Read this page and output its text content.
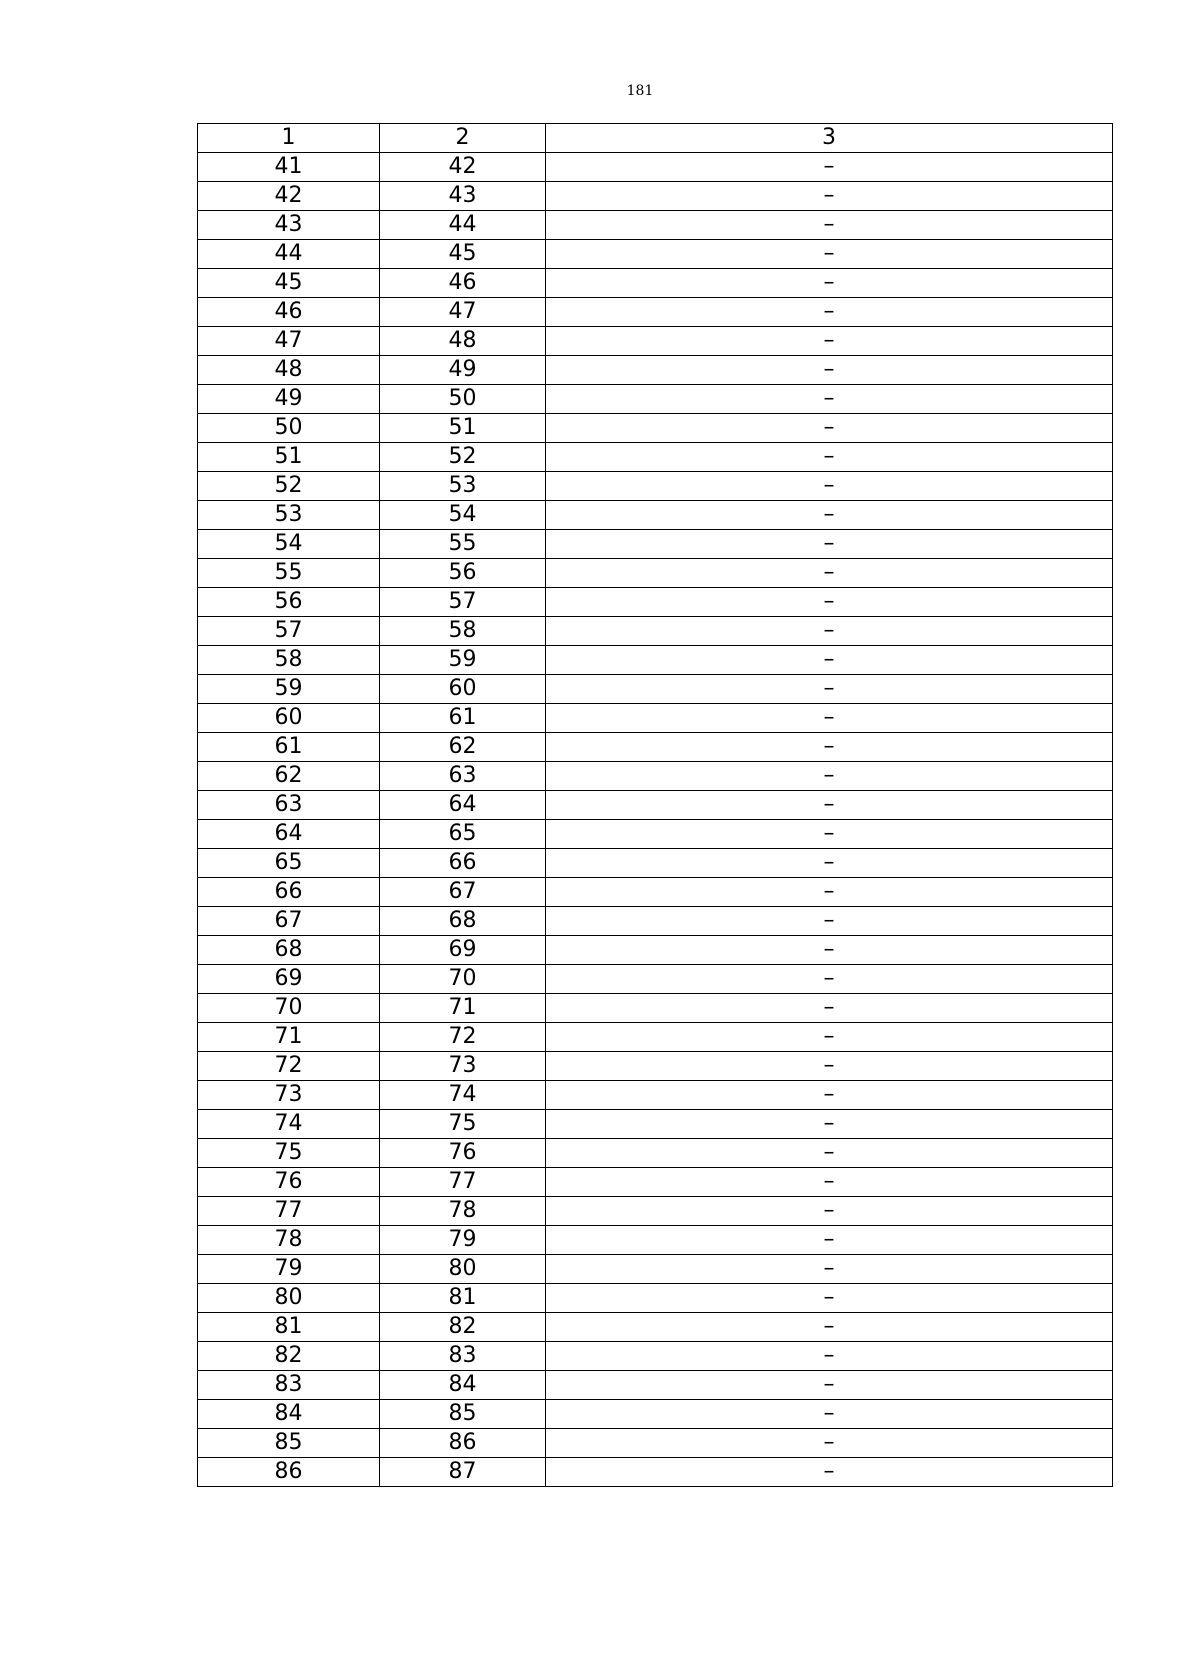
181
1	2	3
41	42	–
42	43	–
43	44	–
44	45	–
45	46	–
46	47	–
47	48	–
48	49	–
49	50	–
50	51	–
51	52	–
52	53	–
53	54	–
54	55	–
55	56	–
56	57	–
57	58	–
58	59	–
59	60	–
60	61	–
61	62	–
62	63	–
63	64	–
64	65	–
65	66	–
66	67	–
67	68	–
68	69	–
69	70	–
70	71	–
71	72	–
72	73	–
73	74	–
74	75	–
75	76	–
76	77	–
77	78	–
78	79	–
79	80	–
80	81	–
81	82	–
82	83	–
83	84	–
84	85	–
85	86	–
86	87	–
